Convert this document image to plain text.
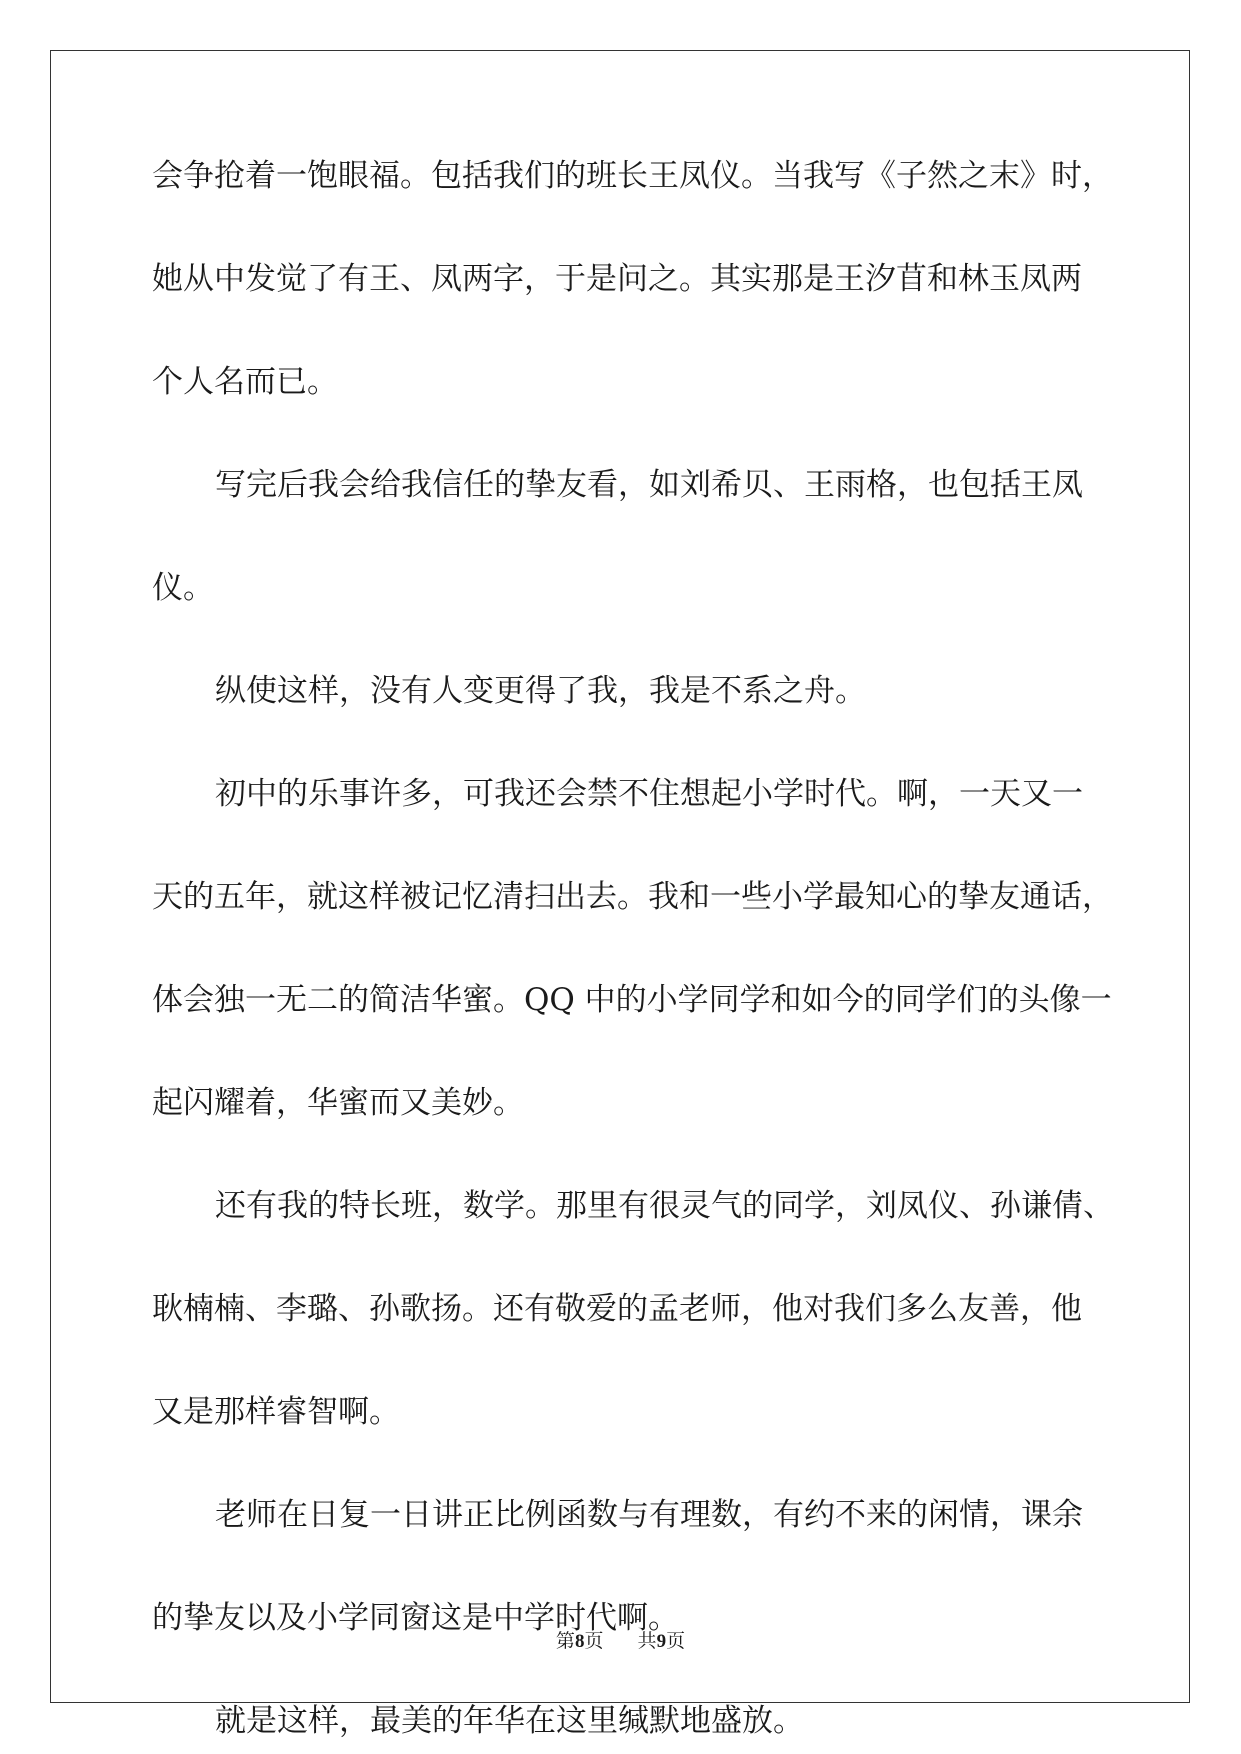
会争抢着一饱眼福。包括我们的班长王凤仪。当我写《子然之末》时，

她从中发觉了有王、凤两字，于是问之。其实那是王汐苜和林玉凤两

个人名而已。

写完后我会给我信任的挚友看，如刘希贝、王雨格，也包括王凤

仪。

纵使这样，没有人变更得了我，我是不系之舟。

初中的乐事许多，可我还会禁不住想起小学时代。啊，一天又一

天的五年，就这样被记忆清扫出去。我和一些小学最知心的挚友通话，

体会独一无二的简洁华蜜。QQ 中的小学同学和如今的同学们的头像一

起闪耀着，华蜜而又美妙。

还有我的特长班，数学。那里有很灵气的同学，刘凤仪、孙谦倩、

耿楠楠、李璐、孙歌扬。还有敬爱的孟老师，他对我们多么友善，他

又是那样睿智啊。

老师在日复一日讲正比例函数与有理数，有约不来的闲情，课余

的挚友以及小学同窗这是中学时代啊。

就是这样，最美的年华在这里缄默地盛放。

第8页 共9页
